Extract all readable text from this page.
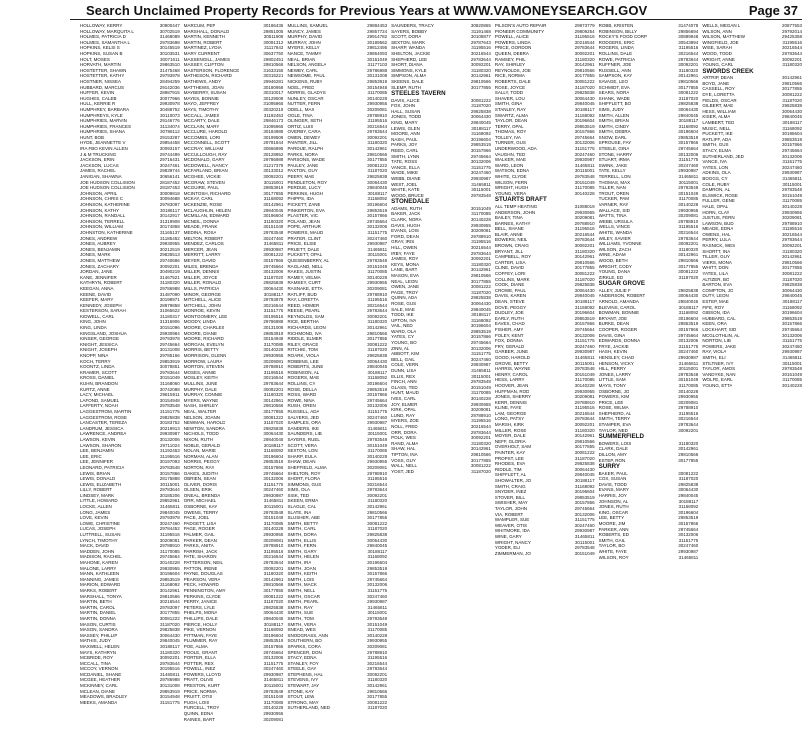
Search Unclaimed Property Records for Previous Years at WWW.VAMONEYSEARCH.GOV	Page 37
HOLLOWAY, KERRY	30900447
HOLLOWAY, MARQUITA L	30702519
HOLMES, PATRICIA D	31468089
HOLMES, SAMANTHA L	29783698
HOPKINS, KELSI S	30145519
HOPKINS, SUSAN B	30103531
HOLT, MOSES	30071611
HORVATH, MARTIN	29863510
HOSTETTER, SHAWN	31475468
HOSTETTER, KATHY	29793978
HOSTNER, NISSEA	28494259
HUBBARD, MARCUS	29142036
HUFFER, KEVIN	28987915
HUGHES, CALEB	30077966
HULL, KERRIE R	29930978
HUMPHREY, BARBARA	30488752
HUMPHREYS, KYLE	30110073
HUMPHRIES, MARVIN	29146776
HUMPHRIES, FRANCES	31134074
HUMPHRIES, SHANA	30788112
HUNT, BOB	29153287
HYDE, JEANNETTE V	29854458
IRA FBO KEVIN ALLEN	30093157
J & M TRUCKING	29744499
JACKSON, ERIN	29716431
JACKSON, LUCAS	30247461
JAMES, RACHEL	29839744
JANIGAN, SHAWNA	30656141
JOE HUDSON COLLISION	28187452
JOE HUDSON COLLISION	28187453
JOHNSON, APRIL	30009818
JOHNSON, CHRIS C	30094688
JOHNSON, KATHERINE	29783097
JOHNSON, KATHY	30188117
JOHNSON, RANDALL	30142917
JOHNSON, TERRELL	31319908
JOHNSON, WILLIAM	30174868
JOHNSTON, KATHERINE	31165137
JONES, ANDREW	31185452
JONES, AUBREY	29930955
JONES, BENJAMIN	30212519
JONES, MARK	29835513
JONES, MATTHEW	29740686
JONES, ZACHARY	30092201
JORDAN, JANE	30490219
KANE, JENNIFER	31467521
KATHRYN, ROBERT	31180320
KEEGAN, ANNA	29786988
KEENE, DAVID	31487090
KEEFER, MARY	30198971
KENNEDY, JOSEPH	28979858
KESTERSON, SARAH	31065622
KIDWELL, CARL	31180317
KING, JOHN	31316906
KING, LINDA	30151096
KINGSLAND, JOSHUA	29930984
KINSER, GEORGE	29793978
KNIGHT, JESSICA	29745664
KNIGHT, JOSEPH	30131008
KNOPP, NINA	29785166
KOCH, TERRY	29853919
KOONTZ, LINDA	30078851
KRAMER, SCOTT	29783644
KROSS, DANIEL	30151049
KUHN, BRANDON	31168060
KURTZ, ANNE	30742088
LACY, MICHAEL	29815911
LAFOND, SAMUEL	30154948
LAFFERTY, NOAH	29783548
LAGGESTROM, MARTIN	31151775
LAGGESTROM, ROSE	29825838
LANCASTER, TEREZA	30183752
LANDRUM, JESSICA	30219913
LAWRENCE, ANDREA	29930987
LAWSON, KEVIN	30132006
LAWSON, SHARON	29711024
LEE, BENJAMIN	31192453
LEE, ERIC	31195516
LEE, JENNIFER	30197093
LEONARD, PATRICIA	29783548
LEWIS, BRIAN	30157866
LEWIS, DONALD	28175888
LEWIS, ELIZABETH	30115001
LILLY, ROBERT	29783644
LINDSEY, MARK	30185206
LITTLE, HOWARD	29852961
LOCKE, ALLEN	31465811
LONG, JAMES	29840045
LOVE, KEVIN	29793978
LOWE, CHRISTINE	30247460
LUCAS, JOSEPH	29784452
LUTTRELL, SUSAN	31195516
LYNCH, TIMOTHY	30209081
MACK, DAVID	29788910
MADDEN, JOHN	31170085
MADISON, RACHEL	29745664
MAHONE, KAREN	30140228
MALONE, LARRY	29930955
MANN, KATHLEEN	30196604
MANNING, JAMES	29853519
MARION, EDWARD	31168092
MARKS, ROBERT	30142961
MARSHALL, TONYA	29810566
MARTIN, BETH	30216544
MARTIN, CAROL	29783097
MARTIN, DANIEL	30177855
MARTIN, DONNA	30081222
MASON, CURTIS	31187020
MASON, SANDRA	29825838
MASSEY, PHILLIP	30064430
MATHIS, JUDY	29840045
MAXWELL, HELEN	30188117
MAYS, KATHRYN	31180320
MCBRIDE, ROY	30092201
MCCALL, TINA	29783644
MCCOY, VERNON	30195516
MCDANIEL, SHANE	31465811
MCGEE, HEATHER	29786988
MCKINNEY, CARL	30131008
MCLEAN, DIANE	29853919
MEADOWS, BRADLEY	30154948
MEEKS, AMANDA	31151775
MARCUM, PEP	30186436
MARSHALL, DONALD	29851005
MARTIN, KENNETH	30511908
MARTIN, ROBERT	30091312
MARTINEZ, LYDIA	31117843
MARY CURRENT	30637750
MASSENGILL, JAMES	29802451
MASSEY, CLIFTON	29810566
MASTERSON, FLORENCE	31633155
MATHESON, RICHARD	30315221
MATHEWS, ANDY	29946281
MATTHEWS, JOAN	30180958
MAYBERRY, SUSAN	30310017
MAYES, BONNIE	30129508
MAYO, JEFFREY	31095965
MAYS, TIMOTHY	30320219
MCCALL, JAMES	31192453
MCCARTY, DALE	29846173
MCCLAIN, MARY	31095965
MCCLURE, HAROLD	30184988
MCCOMBS, LORI	30199508
MCCONNELL, SCOTT	29791844
MCCRAY, WILLIAM	30666895
MCCULLOUGH, RAY	30128952
MCDONALD, GARY	29786988
MCDOWELL, NANCY	31217378
MCFARLAND, BRIAN	30133012
MCGHEE, VICKIE	30092201
MCGRAW, STEVEN	30115001
MCGUIRE, PAUL	29853919
MCINTOSH, RICHARD	30177855
MCKAY, CARL	31168092
MCKENZIE, ROSE	30142961
MCLAUGHLIN, HELEN	29840045
MCMILLAN, EDWARD	30196604
MCNEIL, DONNA	31180320
MEADE, FRANK	30151049
MEDINA, ROSA	29783548
MELTON, ROBERT	30247460
MENDEZ, CARLOS	31465811
MERCER, JEAN	29930987
MERRITT, LARRY	30081222
MEYER, DAVID	30157866
MILES, BRENDA	29745664
MILLER, DENNIS	30132006
MILLER, JOYCE	31187020
MILLER, RONALD	29825838
MILLS, PATRICIA	30064430
MINOR, GEORGE	30188117
MITCHELL, ALICE	29793978
MITCHELL, JOHN	30216544
MONROE, KEVIN	31151775
MONTGOMERY, LEE	30195516
MOODY, LINDA	29786988
MOORE, CHARLES	30131008
MOORE, DIANE	29853919
MOORE, RICHARD	30154948
MORGAN, EVELYN	31170085
MORRIS, BETTY	30140228
MORRISON, GLENN	29930955
MORROW, LAURA	30209081
MORTON, STEVEN	29788910
MOSES, ANNIE	31195516
MOSLEY, KEITH	30216544
MULLINS, JUNE	29783644
MURPHY, DALE	30092201
MURRAY, CONNIE	31180320
MYERS, WAYNE	30142961
NASH, SHIRLEY	29810566
NEAL, WALTER	30177855
NELSON, JOANN	30081222
NEWMAN, HAROLD	31187020
NEWTON, SANDRA	29825838
NICHOLS, TODD	30064430
NIXON, RUTH	29840045
NOBLE, GERALD	30188117
NOLAN, MARIE	31168092
NORMAN, ALAN	30196604
NORRIS, PEGGY	29853519
NORTON, RAY	30157866
OAKES, JUDITH	29745664
OBRIEN, SEAN	30132006
OLIVER, DORIS	31151775
OLSEN, ERIK	30247460
ONEAL, BRENDA	29930987
ORR, MICHAEL	31465811
OSBORNE, KAY	30115001
OWENS, TERRY	29783548
PACE, JOEL	30151049
PADGETT, LISA	31170085
PAGE, ROGER	30140228
PALMER, GAIL	29930955
PARKER, DEAN	30209081
PARKS, ANITA	29788910
PARRISH, JACK	31195516
PATE, SHARON	30216544
PATTERSON, NEIL	29783644
PATTON, IRENE	30092201
PAYNE, DOUGLAS	31180320
PEARSON, VERA	30142961
PECK, HOWARD	29810566
PENNINGTON, AMY	30177855
PERKINS, CLYDE	30081222
PERRY, JANICE	31187020
PETERS, LYLE	29825838
PHELPS, MONA	30064430
PHILLIPS, DALE	29840045
PIERCE, HOLLY	30188117
PIKE, VERNON	31168092
PITTMAN, FAYE	30196604
PLUMMER, RAY	29853519
POE, ALMA	30157866
POOLE, GRANT	29745664
PORTER, ELLA	30132006
POTTER, REX	31151775
POWELL, INEZ	30247460
POWERS, LLOYD	29930987
PRATT, OLIVE	31465811
PRESTON, KURT	30115001
PRICE, NORMA	29783548
PRUITT, OTIS	30151049
PUGH, LOIS	31170085
PURCELL, TROY	30140228
QUINN, EDNA	29930955
RAINES, BART	30209081
MULLINS, SAMUEL	29884453
MUNCY, JAMES	29857724
MURPHY, DAVID	29914782
MURRAY, JOHN	30189562
MYERS, KELLY	29812495
NANCE, TAMMY	29864093
NEAL, BRIAN	30151049
NELSON, ANGELA	31177103
NEWBY, CARL	29786988
NEWSOME, PAUL	30131008
NICKENS, RUBY	29853919
NOEL, FRED	30154948
NORRIS, GLADYS	31170085
NUNLEY, OSCAR	30140228
NUTTER, FERN	29930955
ODELL, MAX	30209081
OGLE, TINA	29788910
OLINGER, SETH	31195516
ORTIZ, LUIS	30216544
OVERBY, CARA	29783644
OWEN, DEWEY	30092201
PAINTER, JILL	31180320
PARDUE, RALPH	30142961
PARKS, NORA	29810566
PARSONS, WADE	30177855
PAULEY, JANE	30081222
PAXTON, GUY	31187020
PEERY, MAE	29825838
PENDLETON, ROY	30064430
PERDUE, LUCY	29840045
PERKINS, HUGH	30188117
PHIPPS, IDA	31168092
PICKETT, ZANE	30196604
PINKERTON, EVA	29853519
PLASTER, VIC	30157866
POLAND, JEAN	29745664
POPE, ARTHUR	30132006
POWERS, MAUD	31151775
PRATER, CLINT	30247460
PRICE, ELSIE	29930987
PRUETT, DALE	31465811
PUCKETT, OPAL	30115001
QUESENBERRY, AL	29783548
RAGLAND, NELL	30151049
RAKES, JUSTIN	31170085
RAMEY, VELMA	30140228
RAMSEY, CURT	29930955
RASNAKE, ETTA	30209081
RATLIFF, BUD	29788910
RAY, LORETTA	31195516
REED, HOMER	30216544
REESE, PEARL	29783644
REYNOLDS, SAM	30092201
RICE, BERTHA	31180320
RICHARDS, LEON	30142961
RICHMOND, IVA	29810566
RIDDLE, ELMER	30177855
RILEY, GRACE	30081222
RITCHIE, TOM	31187020
ROARK, VIOLA	29825838
ROBBINS, LEE	30064430
ROBERTS, JUNE	29840045
ROBINSON, AL	30188117
ROGERS, MAE	31168092
ROLLINS, CY	30196604
ROSE, DELLA	29853519
ROSS, WARD	30157866
ROWE, NINA	29745664
RUSH, OREN	30132006
RUSSELL, ADA	31151775
SALYERS, JED	30247460
SAMPLES, ORA	29930987
SANDERS, IKE	31465811
SAUNDERS, LIB	30115001
SAYERS, RUEL	29783548
SCOTT, VERA	30151049
SEXTON, LON	31170085
SHARP, EULA	30140228
SHAW, DEAN	29930955
SHEFFIELD, ALMA	30209081
SHELTON, ROY	29788910
SHORT, FLORA	31195516
SIMMONS, GUS	30216544
SIMS, OLA	29783644
SISK, TED	30092201
SKEEN, ERMA	31180320
SLAGLE, CAL	30142961
SLATE, INA	29810566
SLUSHER, ABE	30177855
SMITH, BETTY	30081222
SMITH, CARL	31187020
SMITH, DORA	29825838
SMITH, ELLIS	30064430
SMITH, FERN	29840045
SMITH, GARY	30188117
SMITH, HELEN	31168092
SMITH, IRA	30196604
SMITH, JOAN	29853519
SMITH, KEITH	30157866
SMITH, LOIS	29745664
SMITH, MACK	30132006
SMITH, NELL	31151775
SMITH, OSCAR	30247460
SMITH, PEARL	29930987
SMITH, RAY	31465811
SMITH, SUE	30115001
SMITH, TOM	29783548
SMITH, VERA	30151049
SNEAD, WES	31170085
SNODGRASS, ANN	30140228
SOUTHERN, BO	29930955
SPARKS, CORA	30209081
SPENCER, DON	29788910
STACY, EDNA	31195516
STANLEY, FOY	30216544
STEELE, GAY	29783644
STEPHENS, HAL	30092201
STEVENS, IVY	31180320
STEWART, JAY	30142961
STONE, KAY	29810566
STOUT, LEW	30177855
STRONG, MAY	30081222
SUTHERLAND, NED	31187020
SAUNDERS, TRACY	30820865
SAYERS, BOBBY	31191468
SCOTT, DORA	30108877
SEXTON, MARK	29787643
SHARP, WANDA	31195516
SHELTON, JACKIE	30216544
SHEPHERD, LEE	29783644
SHORT, DIANA	30092201
SIMMONS, KYLE	31180320
SIMPSON, ALMA	30142961
SKEENS, DALE	29810566
SLEMP, RUTH	30177855
STEELES TAVERN
DAVIS, ALICE	30081222
FOX, JOHN	31187020
HALL, SUSAN	29825838
JONES, TODD	30064430
KING, MARY	29840045
LEWIS, GLEN	30188117
MOORE, ANN	31168092
NASH, PAUL	30196604
PARKS, JOY	29853519
REED, CARL	30157866
SMITH, LYNN	29745664
TATE, ROSS	30132006
VANCE, ELLA	31151775
WADE, MIKE	30247460
WEBB, DIANE	29930987
WEST, JOEL	31465811
WHITE, KATE	30115001
WOOD, BRUCE	29783548
STONEDALE
ADAMS, RUTH	30151049
BAKER, JACK	31170085
CLARK, NORA	30140228
DAVIS, HUGH	29930955
EVANS, LOIS	30209081
FORD, DEAN	29788910
GRAY, IRIS	31195516
HILL, OWEN	30216544
IRBY, FAYE	29783644
JAMES, ROY	30092201
KEYS, MONA	31180320
LANE, BART	30142961
MASON, EVA	29810566
NEAL, LEON	30177855
OWEN, JANE	30081222
PAGE, TROY	31187020
QUINN, ADA	29825838
ROSE, GUS	30064430
SALE, MAE	29840045
TODD, IKE	30188117
UPTON, IVA	31168092
VAIL, NED	30196604
WARD, OLA	29853519
YATES, CY	30157866
YOUNG, BO	29745664
ZINN, AL	30132006
ABBOTT, KIM	31151775
BELL, GAIL	30247460
COLE, VERN	29930987
DUNN, LISA	31465811
ELLIS, REX	30115001
FINCH, ANN	29783548
GLASS, TED	30151049
HUNT, MAUD	31170085
IVES, CARL	30140228
JOY, ELMER	29930955
KIRK, OPAL	30209081
LUND, RAY	29788910
MYERS, ZOE	31195516
NOLL, FRED	30216544
ORR, DORA	29783644
POLK, WES	30092201
RAND, ALMA	31180320
SHAW, HAL	30142961
TIPTON, INA	29810566
VOSS, GUY	30177855
WALL, NELL	30081222
YOST, JED	31187020
PILSON'S AUTO REPAIR	29873779
PIONEER COMMUNITY	29809254
POWELL, ALICE	31195516
POWERS, LINDA	30216544
PRICE, GORDON	29783644
QUEEN, DEBRA	30092201
RAMSEY, PHIL	31180320
RAY, SHIRLEY	30142961
REYNOLDS, JOE	29810566
RICE, NORMA	30177855
ROBERTS, DALE	30081222
ROSE, JOYCE	31187020
SALLY, TODD	29825838
SHAVER, LOU	30064430
SMITH, GINA	29840045
STANLEY, RAY	30188117
SWARTZ, ALMA	31168092
TAYLOR, DEAN	30196604
TERRY, OPAL	29853519
THOMAS, ROY	30157866
TOLLEY, IVA	29745664
TURNER, GUS	30132006
UNDERWOOD, ADA	31151775
VAUGHN, TED	30247460
WALKER, MAE	29930987
WARD, LEON	31465811
WATSON, EDNA	30115001
WHITE, CLYDE	29783548
WILSON, FERN	30151049
WRIGHT, HUGH	31170085
YOUNG, VERA	30140228
STUARTS DRAFT
ALL TEMP HEATING	31088019
ANDERSON, JOHN	29930955
BAILEY, TINA	30209081
BARNES, KATHY	29788910
BELL, SHANE	31195516
BLAIR, ANNE	30216544
BOWERS, NEIL	29783644
BROWN, CRAIG	30092201
BRYANT, JILL	31180320
CAMPBELL, ROY	30142961
CARTER, LISA	29810566
CLINE, DAVID	30177855
COFFEY, LORI	30081222
COLLINS, MARK	31187020
COOK, DIANE	29825838
CROWE, PAUL	30064430
DAVIS, KAREN	29840045
DEAN, STEVE	30188117
DOVE, PEGGY	31168092
DUDLEY, JOE	30196604
EARLY, RUTH	29853519
EAVES, CHAD	30157866
FISHER, AMY	29745664
FOLEY, KENT	30132006
FOX, DONNA	31151775
FRY, GERALD	30247460
GARBER, JUNE	29930987
GOOD, HAROLD	31465811
GROVE, BETTY	30115001
HARRIS, WAYNE	29783548
HENRY, CAROL	30151049
HESS, LARRY	31170085
HOOVER, JEAN	30140228
HUFFMAN, ROD	29930955
JONES, SHERRY	30209081
KERR, DENNIS	29788910
KLINE, FAYE	31195516
LAM, GEORGE	30216544
LONG, PATSY	29783644
MARSH, KIRK	30092201
MILLER, ROSE	31180320
MOYER, DALE	30142961
NEFF, GLORIA	29810566
OVERHOLT, SAM	30177855
PAINTER, KAY	30081222
PROPST, LEE	31187020
RHODES, EVA	29825838
RIDDLE, TIM	30064430
SHIFFLETT, AL	29840045
SHOWALTER, JO	30188117
SMITH, CRAIG	31168092
SNYDER, INEZ	30196604
STOVER, BILL	29853519
SWISHER, MAY	30157866
TAYLOR, JOHN	29745664
VIA, ROBERT	30132006
WAMPLER, SUE	31151775
WEAVER, OTIS	30247460
WHITMORE, IDA	29930987
WINE, GARY	31465811
WRIGHT, NANCY	30115001
YODER, ELI	29783548
ZIMMERMAN, JO	30151049
ROBB, KRISTEN	31474078
ROBINSON, BILLY	29856694
ROCKY'S FOOD CORP	30889948
RODGERS, ERIC	30543994
ROGERS, LINDA	31195516
ROLLINS, DALE	30216544
ROWE, PATRICIA	29783644
RUFFNER, JOE	30092201
RUSSELL, ANN	31180320
SAMPSON, KAY	30142961
SAVAGE, LEO	29810566
SCHMIDT, EVA	30177855
SEARS, NORA	30081222
SHANK, WADE	31187020
SHIFFLETT, BO	29825838
SIMS, JUDY	30064430
SMITH, ALLEN	29840045
SMITH, BRIAN	30188117
SMITH, CINDY	31168092
SMITH, DEBRA	30196604
SNOW, EARL	29853519
SPROUSE, FAY	30157866
STEELE, GINA	29745664
STONE, HARRY	30132006
STUART, IRMA	31151775
SWINK, JAKE	30247460
TATE, KELLY	29930987
TERRELL, LON	31465811
THOMAS, MAX	30115001
TILLER, NAN	29783548
TROUT, OREN	30151049
TUCKER, PAM	31170085
VARNER, RAY	30140228
WALLACE, SID	29930955
WATTS, TINA	30209081
WEBB, URSULA	29788910
WELLS, VINCE	31195516
WHITE, WANDA	30216544
WILEY, XAVIER	29783644
WILLIAMS, YVONNE	30092201
WILSON, ZACH	31180320
WINE, ADAM	30142961
WOOD, BETH	29810566
WRIGHT, CODY	30177855
YOUNG, DANA	30081222
ZIRKLE, ED	31187020
SUGAR GROVE
ALLEY, JULIE F	29825838
ANDERSON, ROBERT	30064430
ARNOLD, AMANDA	29840045
BLEVINS, CAROL	30188117
BOWMAN, BONNIE	31168092
BRYANT, JOE	30196604
BURKE, DEAN	29853519
COOPER, ROGER	30157866
DAVIS, GINA	29745664
EDWARDS, DONNA	30132006
FRYE, JACKIE	31151775
HASH, KEVIN	30247460
HENSLEY, CHAD	29930987
HENSON, VICKY	31465811
HILL, PERRY	30115001
JONES, LARRY	29783548
LITTLE, SAM	30151049
MAYS, TONY	31170085
OSBORNE, JO	30140228
POWERS, KIM	29930955
PRICE, LEE	30209081
ROSE, WILMA	29788910
SHEPHERD, AL	31195516
SMITH, TERRY	30216544
STAMPER, EVA	29783644
TAYLOR, NED	30092201
SUMMERFIELD
BOWERS, LOIS	31180320
CLARK, DALE	30142961
DILLON, AMY	29810566
ESTEP, RON	30177855
SURRY
BAKER, PAUL	30081222
COX, SUSAN	31187020
DAVIS, TODD	29825838
EVANS, MARY	30064430
HARRIS, JOY	29840045
JOHNSON, AL	30188117
JONES, RUTH	31168092
KING, OSCAR	30196604
LEE, BETTY	29853519
MOORE, JIM	30157866
PARKER, ANN	29745664
ROBERTS, ED	30132006
SMITH, GAIL	31151775
TAYLOR, BO	30247460
WHITE, FAYE	29930987
WILSON, ROY	31465811
WELLS, MEGAN L	20877553
WILSON, ANN	29792014
WILSON, MATTHEW	29425358
WINGFIELD, JOE	31195516
WISE, SARAH	30216544
WOOD, TODD	29783644
WRIGHT, ANNE	30092201
YOUNG, CARL	31180320
SWORDS CREEK
ARTRIP, DEAN	30142961
BOYD, JANE	29810566
CASSELL, ROY	30177855
DYE, LORETTA	30081222
FIELDS, OSCAR	31187020
GILBERT, MAE	29825838
HESS, WILLIAM	30064430
KISER, ALMA	29840045
LAMBERT, TED	30188117
MUSIC, NELL	31168092
PUCKETT, IKE	30196604
RATLIFF, ADA	29853519
SMITH, GUS	30157866
STACY, ELMA	29745664
SUTHERLAND, JED	30132006
VANCE, IVA	31151775
YATES, LON	30247460
ADKINS, OLA	29930987
BOGGS, CY	31465811
COLE, RUBY	30115001
DAMRON, AL	29783548
ELSWICK, ROSE	30151049
FULLER, GENE	31170085
HALE, OPAL	30140228
HORN, CLAY	29930955
JUSTUS, FERN	30209081
LAWSON, BUD	29788910
MEADE, EDNA	31195516
OWENS, HAL	30216544
PERRY, LULA	29783644
RASNICK, WES	30092201
SHORTT, INA	31180320
TILLER, GUY	30142961
VIERS, MONA	29810566
WHITT, DON	30177855
YATES, LILA	30081222
ALTIZER, BO	31187020
BARTON, EVA	29825838
COMPTON, JO	30064430
DUTY, LEON	29840045
ESTEP, MAE	30188117
FIFE, ROY	31168092
GIBSON, IDA	30196604
HUBBARD, CAL	29853519
KEEN, ORA	30157866
LOCKHART, SID	29745664
MCGLOTHLIN, AL	30132006
NORTON, LIB	31151775
POWERS, JAKE	30247460
RAY, VIOLA	29930987
SMITH, ELI	31465811
STILTNER, IVY	30115001
TAYLOR, AMOS	29783548
VANDYKE, NAN	30151049
WOLFE, EARL	31170085
YOUNG, ETTA	30140228
